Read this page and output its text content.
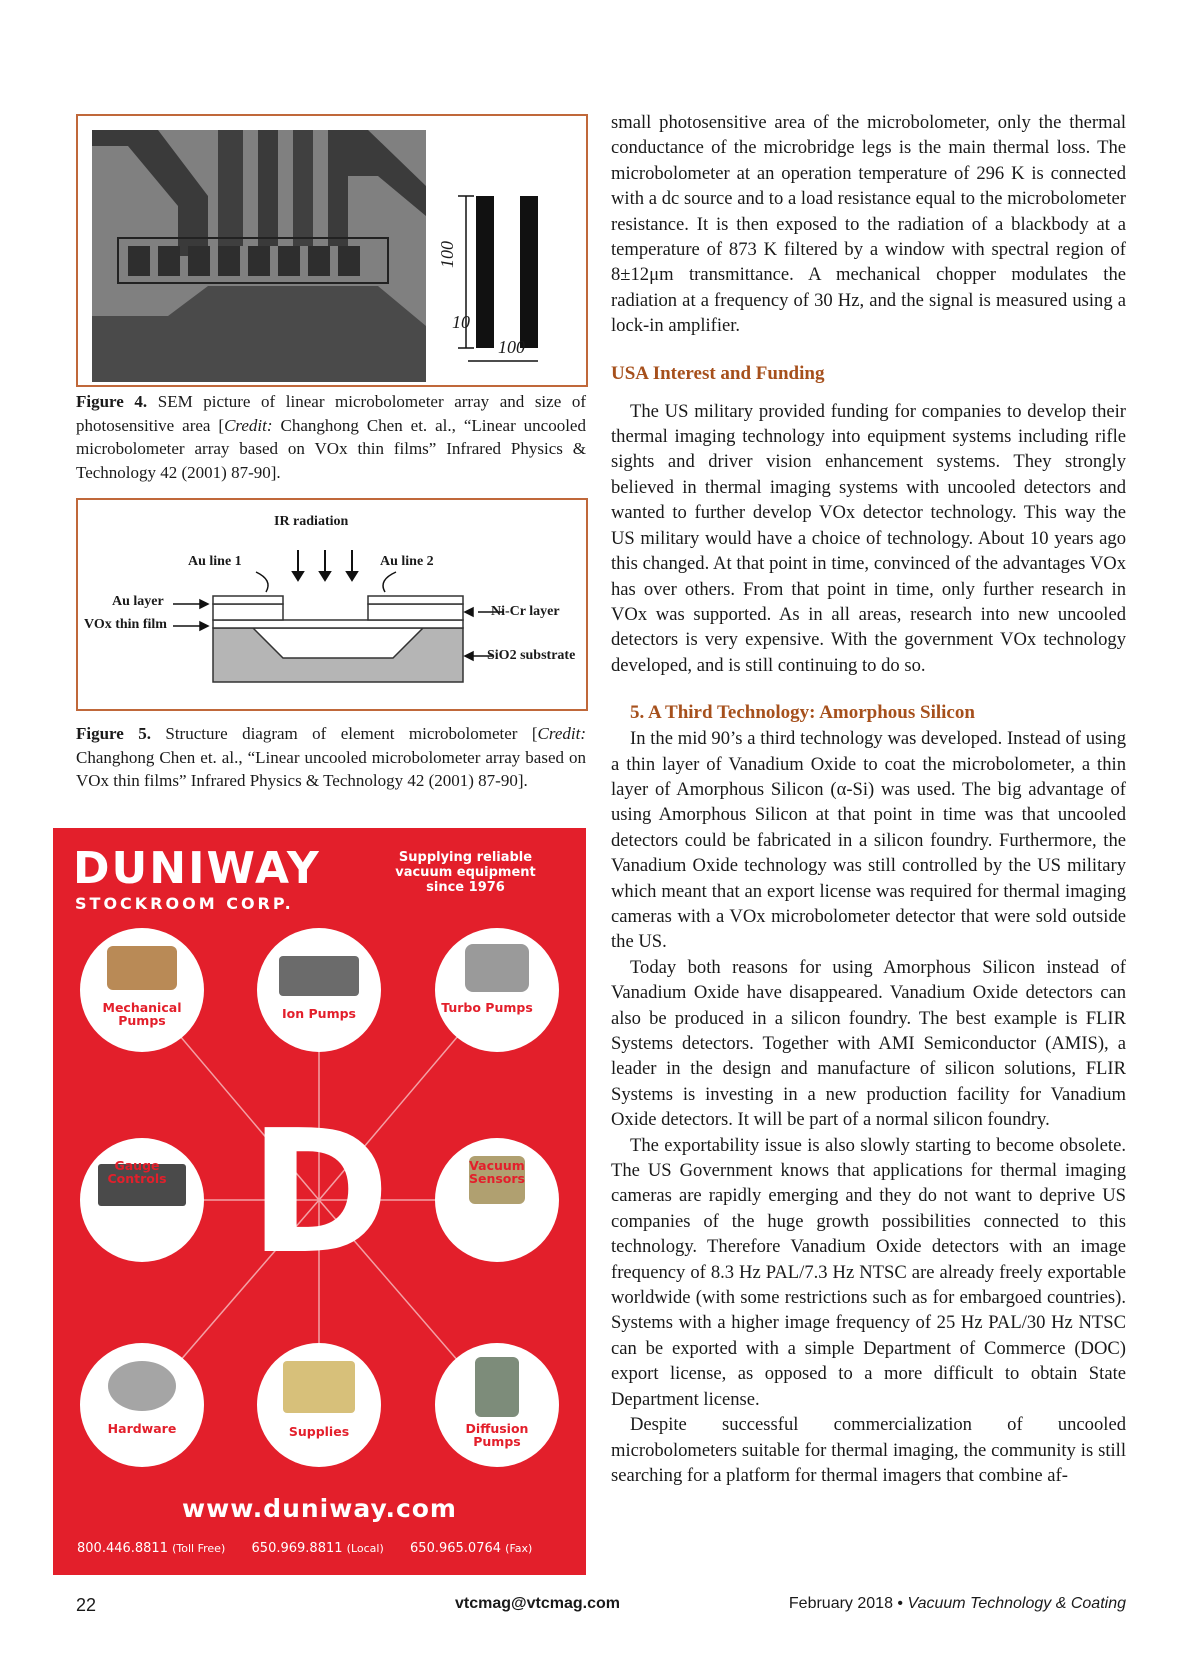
100
10
100
Figure 4. SEM picture of linear microbolometer array and size of photosensitive area [Credit: Changhong Chen et. al., “Linear uncooled microbolometer array based on VOx thin films” Infrared Physics & Technology 42 (2001) 87-90].
IR radiation
Au line 1	Au line 2
Au layer
VOx thin film
Ni-Cr layer
SiO2 substrate
Figure 5. Structure diagram of element microbolometer [Credit: Changhong Chen et. al., “Linear uncooled microbolometer array based on VOx thin films” Infrared Physics & Technology 42 (2001) 87-90].
DUNIWAY
STOCKROOM CORP.
Supplying reliable
vacuum equipment
since 1976
D
Mechanical Pumps	Ion Pumps	Turbo Pumps
Gauge Controls
Vacuum Sensors
Hardware	Supplies	Diffusion Pumps
www.duniway.com
800.446.8811 (Toll Free) 650.969.8811 (Local) 650.965.0764 (Fax)

small photosensitive area of the microbolometer, only the thermal conductance of the microbridge legs is the main thermal loss. The microbolometer at an operation temperature of 296 K is connected with a dc source and to a load resistance equal to the microbolometer resistance. It is then exposed to the radiation of a blackbody at a temperature of 873 K filtered by a window with spectral region of 8±12μm transmittance. A mechanical chopper modulates the radiation at a frequency of 30 Hz, and the signal is measured using a lock-in amplifier.

USA Interest and Funding

The US military provided funding for companies to develop their thermal imaging technology into equipment systems including rifle sights and driver vision enhancement systems. They strongly believed in thermal imaging systems with uncooled detectors and wanted to further develop VOx detector technology. This way the US military would have a choice of technology. About 10 years ago this changed. At that point in time, convinced of the advantages VOx has over others. From that point in time, only further research in VOx was supported. As in all areas, research into new uncooled detectors is very expensive. With the government VOx technology developed, and is still continuing to do so.

5. A Third Technology: Amorphous Silicon

In the mid 90’s a third technology was developed. Instead of using a thin layer of Vanadium Oxide to coat the microbolometer, a thin layer of Amorphous Silicon (α-Si) was used. The big advantage of using Amorphous Silicon at that point in time was that uncooled detectors could be fabricated in a silicon foundry. Furthermore, the Vanadium Oxide technology was still controlled by the US military which meant that an export license was required for thermal imaging cameras with a VOx microbolometer detector that were sold outside the US.

Today both reasons for using Amorphous Silicon instead of Vanadium Oxide have disappeared. Vanadium Oxide detectors can also be produced in a silicon foundry. The best example is FLIR Systems detectors. Together with AMI Semiconductor (AMIS), a leader in the design and manufacture of silicon solutions, FLIR Systems is investing in a new production facility for Vanadium Oxide detectors. It will be part of a normal silicon foundry.

The exportability issue is also slowly starting to become obsolete. The US Government knows that applications for thermal imaging cameras are rapidly emerging and they do not want to deprive US companies of the huge growth possibilities connected to this technology. Therefore Vanadium Oxide detectors with an image frequency of 8.3 Hz PAL/7.3 Hz NTSC are already freely exportable worldwide (with some restrictions such as for embargoed countries). Systems with a higher image frequency of 25 Hz PAL/30 Hz NTSC can be exported with a simple Department of Commerce (DOC) export license, as opposed to a more difficult to obtain State Department license.

Despite successful commercialization of uncooled microbolometers suitable for thermal imaging, the community is still searching for a platform for thermal imagers that combine af-

22	vtcmag@vtcmag.com	February 2018 • Vacuum Technology & Coating
